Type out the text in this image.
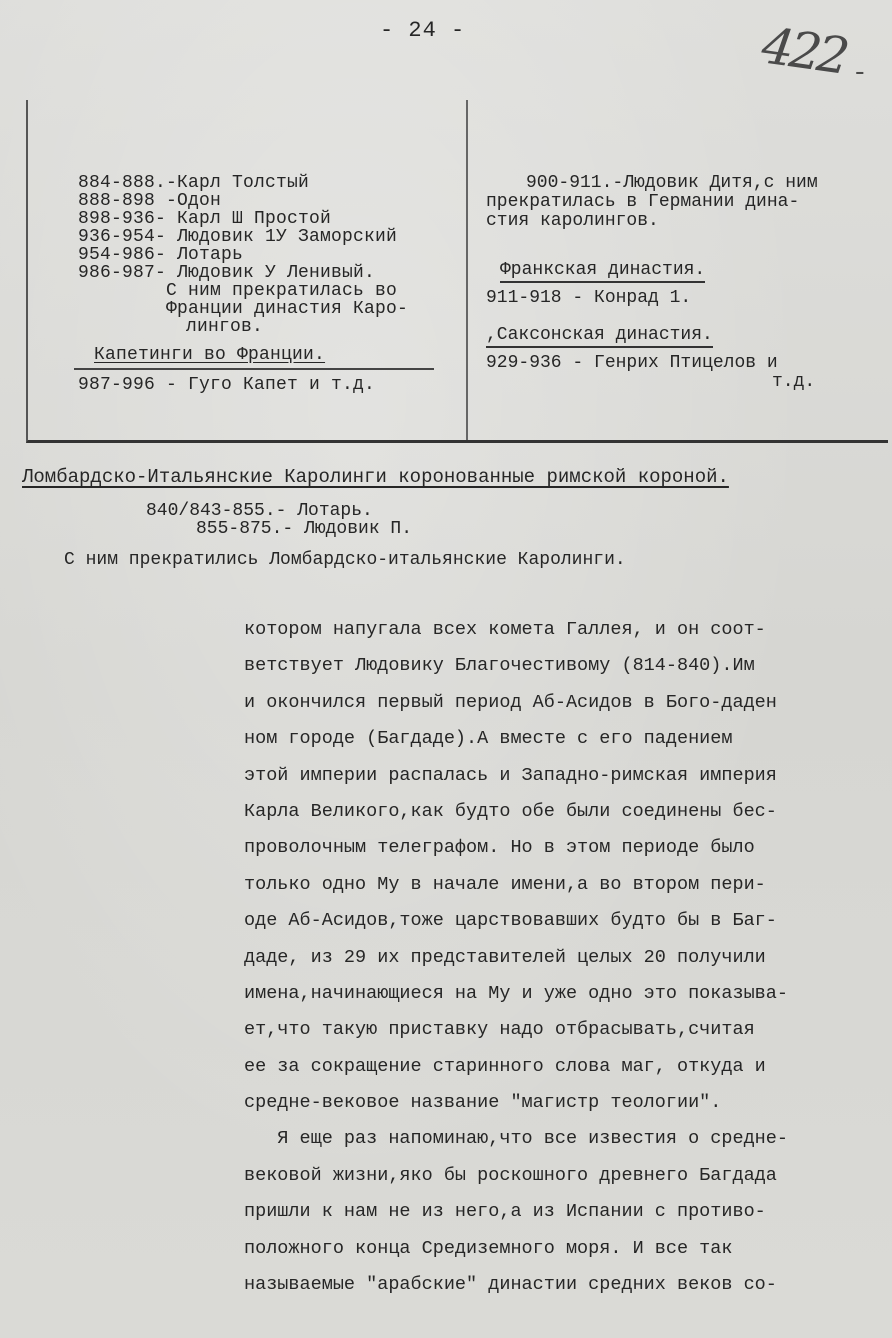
- 24 -	422 -
884-888.-Карл Толстый
888-898 -Одон
898-936- Карл Ш Простой
936-954- Людовик 1У Заморский
954-986- Лотарь
986-987- Людовик У Ленивый.
С ним прекратилась во
Франции династия Каро-
лингов.
Капетинги во Франции.
987-996 - Гуго Капет и т.д.
900-911.-Людовик Дитя,с ним
прекратилась в Германии дина-
стия каролингов.
Франкская династия.
911-918 - Конрад 1.
,Саксонская династия.
929-936 - Генрих Птицелов и
т.д.
Ломбардско-Итальянские Каролинги коронованные римской короной.
840/843-855.- Лотарь.
855-875.- Людовик П.
С ним прекратились Ломбардско-итальянские Каролинги.
котором напугала всех комета Галлея, и он соот-
ветствует Людовику Благочестивому (814-840).Им
и окончился первый период Аб-Асидов в Бого-даден
ном городе (Багдаде).А вместе с его падением
этой империи распалась и Западно-римская империя
Карла Великого,как будто обе были соединены бес-
проволочным телеграфом. Но в этом периоде было
только одно Му в начале имени,а во втором пери-
оде Аб-Асидов,тоже царствовавших будто бы в Баг-
даде, из 29 их представителей целых 20 получили
имена,начинающиеся на Му и уже одно это показыва-
ет,что такую приставку надо отбрасывать,считая
ее за сокращение старинного слова маг, откуда и
средне-вековое название "магистр теологии".
Я еще раз напоминаю,что все известия о средне-
вековой жизни,яко бы роскошного древнего Багдада
пришли к нам не из него,а из Испании с противо-
положного конца Средиземного моря. И все так
называемые "арабские" династии средних веков со-
